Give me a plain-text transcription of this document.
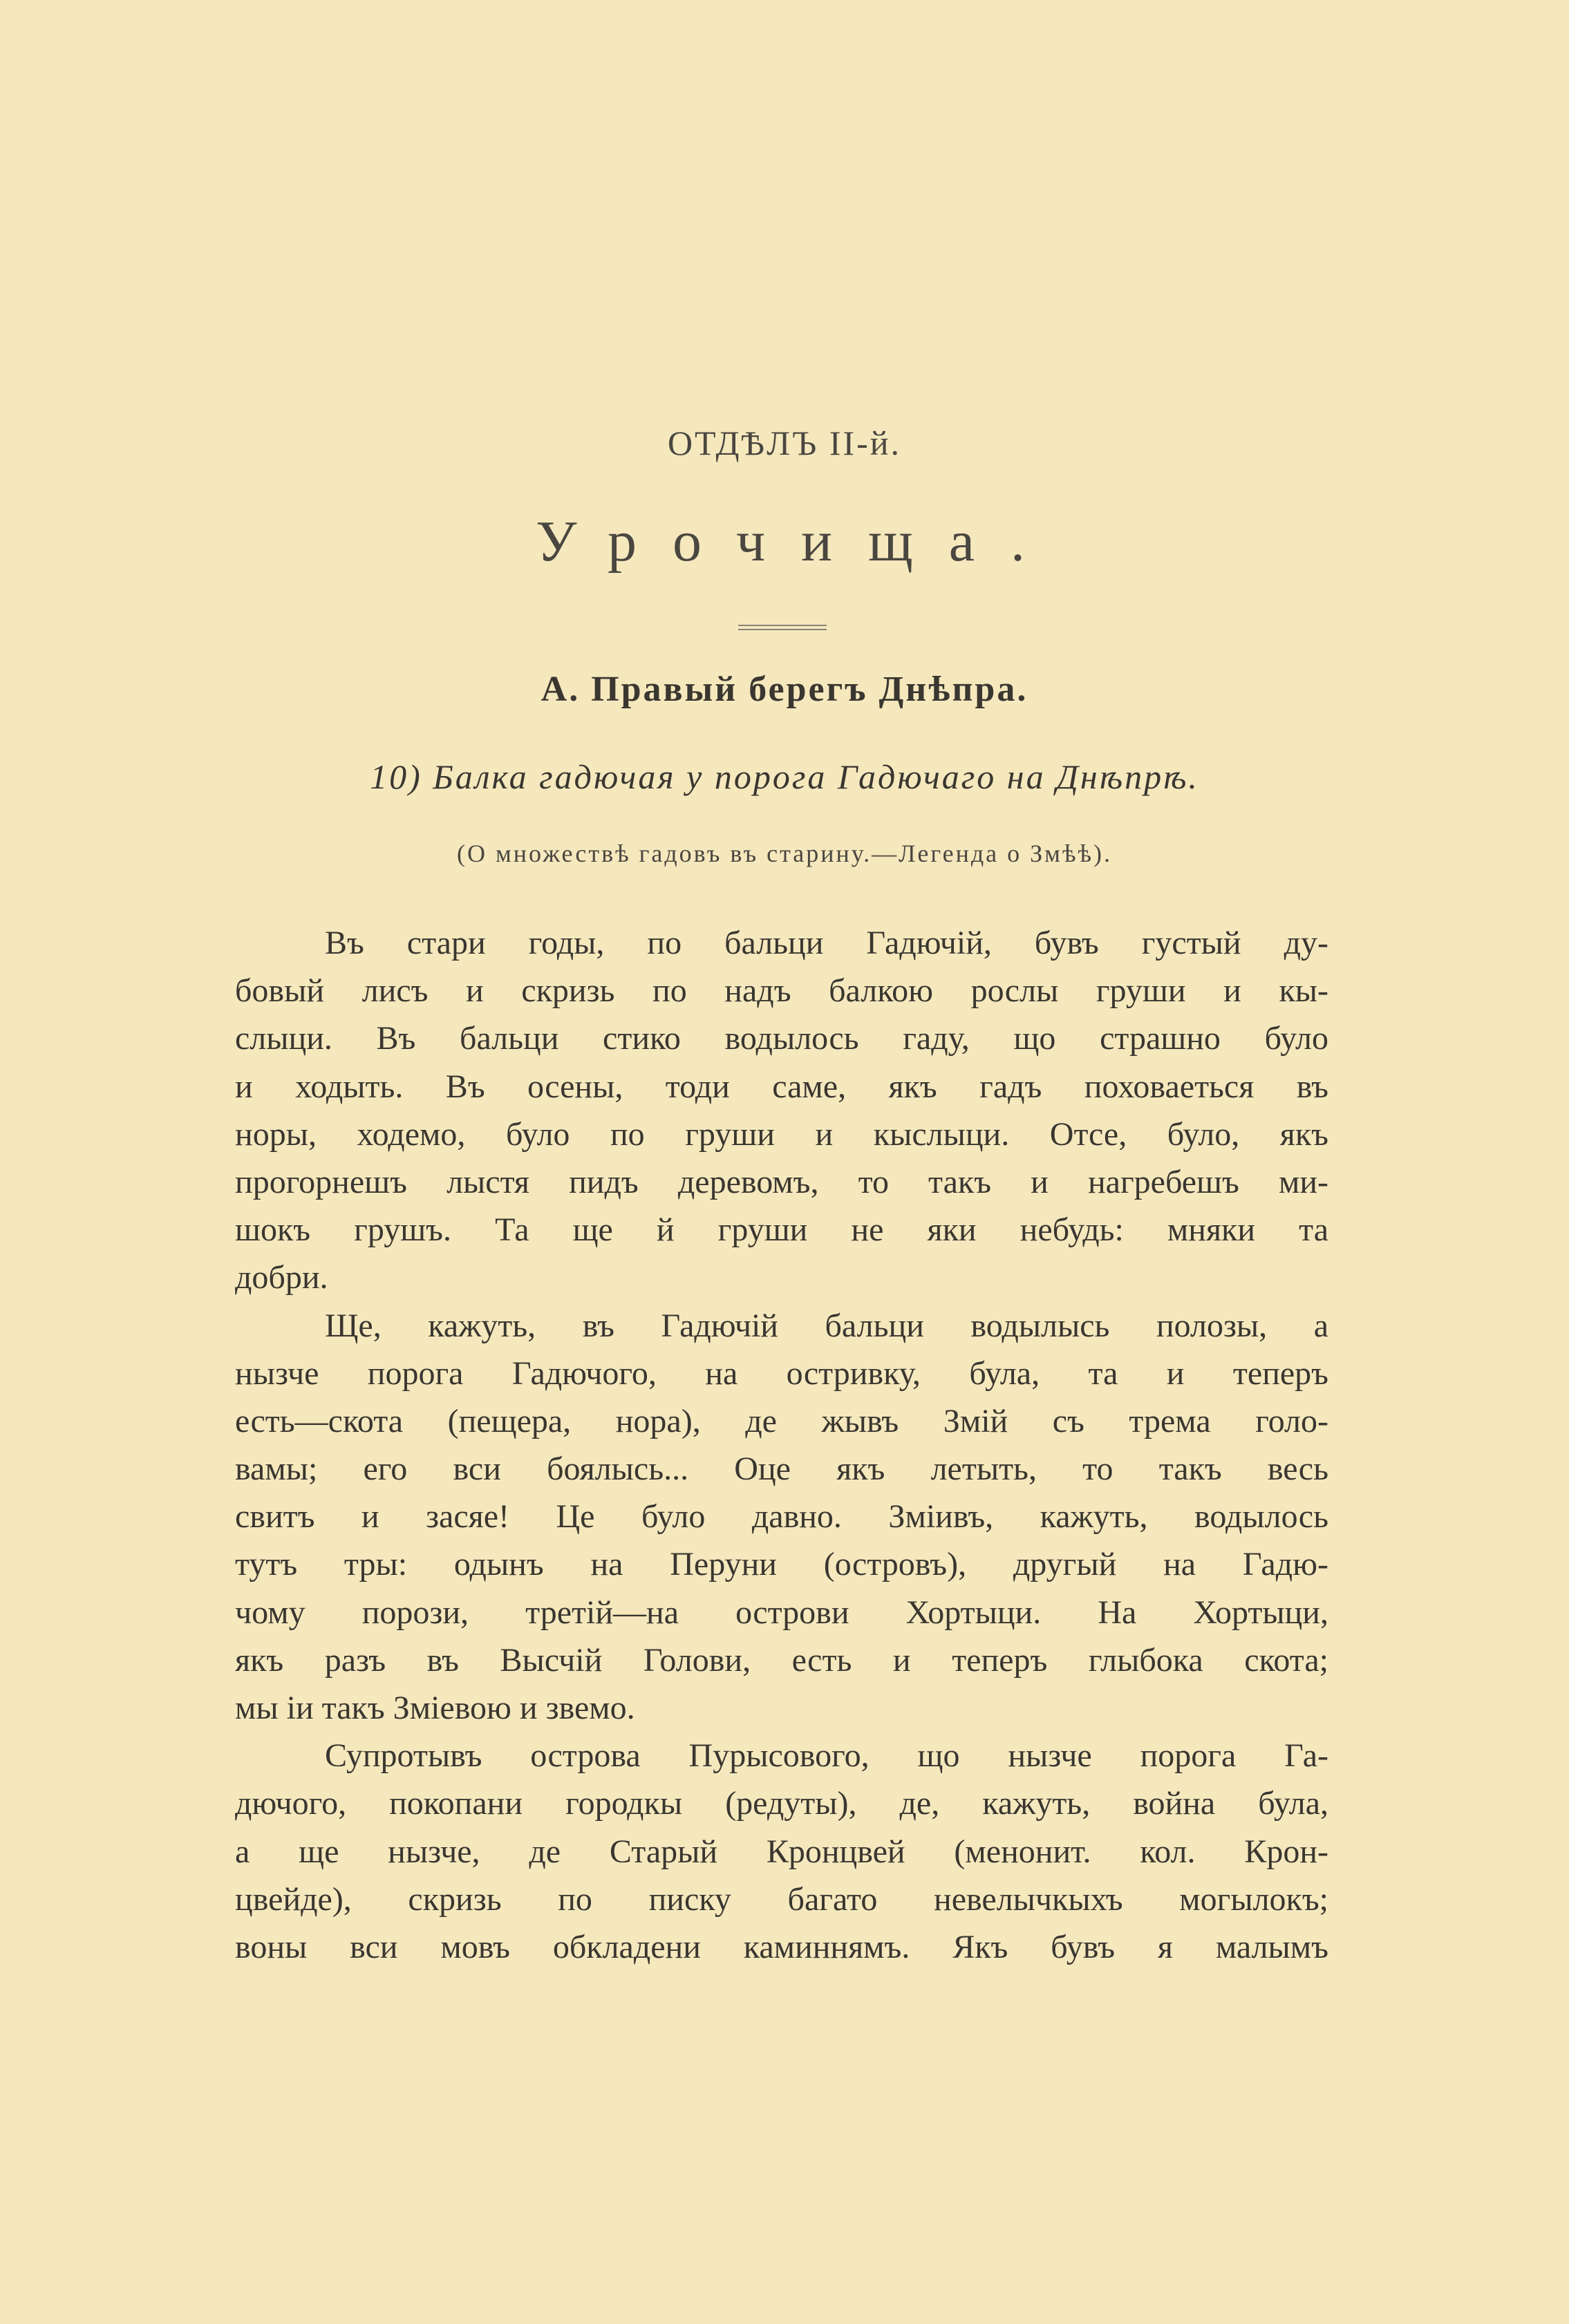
ОТДѢЛЪ II-й.
Урочища.
А. Правый берегъ Днѣпра.
10) Балка гадючая у порога Гадючаго на Днѣпрѣ.
(О множествѣ гадовъ въ старину.—Легенда о Змѣѣ).
Въ стари годы, по бальци Гадючій, бувъ густый ду-
бовый лисъ и скризь по надъ балкою рослы груши и кы-
слыци. Въ бальци стико водылось гаду, що страшно було
и ходыть. Въ осены, тоди саме, якъ гадъ поховаеться въ
норы, ходемо, було по груши и кыслыци. Отсе, було, якъ
прогорнешъ лыстя пидъ деревомъ, то такъ и нагребешъ ми-
шокъ грушъ. Та ще й груши не яки небудь: мняки та
добри.
Ще, кажуть, въ Гадючій бальци водылысь полозы, а
нызче порога Гадючого, на остривку, була, та и теперъ
есть—скота (пещера, нора), де жывъ Змій съ трема голо-
вамы; его вси боялысь... Оце якъ летыть, то такъ весь
свитъ и засяе! Це було давно. Змiивъ, кажуть, водылось
тутъ тры: одынъ на Перуни (островъ), другый на Гадю-
чому порози, третiй—на острови Хортыци. На Хортыци,
якъ разъ въ Высчій Голови, есть и теперъ глыбока скота;
мы іи такъ Змiевою и звемо.
Супротывъ острова Пурысового, що нызче порога Га-
дючого, покопани городкы (редуты), де, кажуть, война була,
а ще нызче, де Старый Кронцвей (менонит. кол. Крон-
цвейде), скризь по писку багато невелычкыхъ могылокъ;
воны вси мовъ обкладени каминнямъ. Якъ бувъ я малымъ
